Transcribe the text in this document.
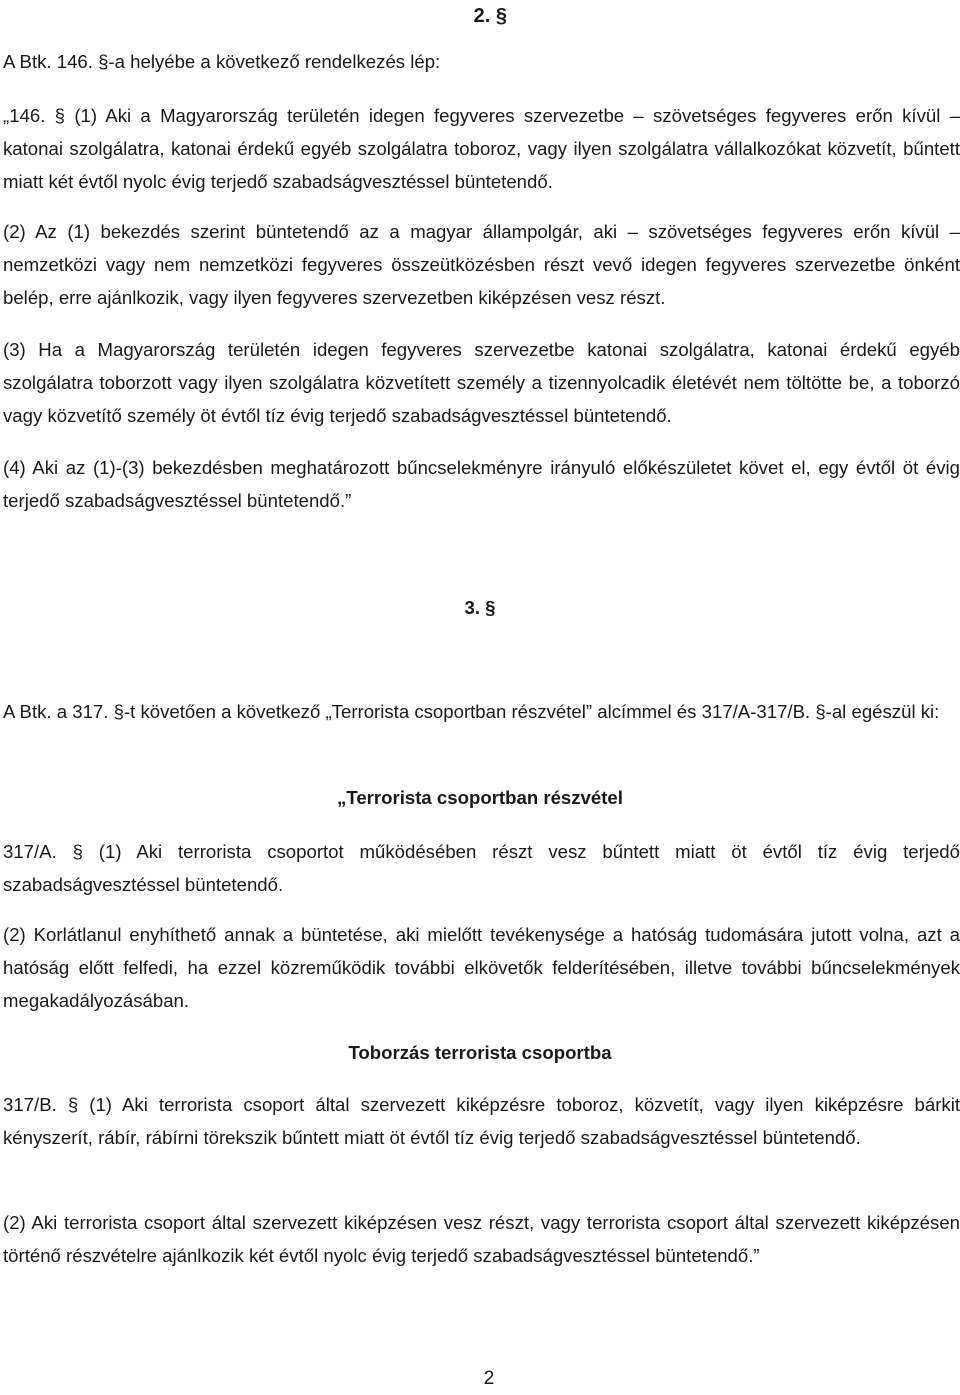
2. §

A Btk. 146. §-a helyébe a következő rendelkezés lép:

„146. § (1) Aki a Magyarország területén idegen fegyveres szervezetbe – szövetséges fegyveres erőn kívül – katonai szolgálatra, katonai érdekű egyéb szolgálatra toboroz, vagy ilyen szolgálatra vállalkozókat közvetít, bűntett miatt két évtől nyolc évig terjedő szabadságvesztéssel büntetendő.

(2) Az (1) bekezdés szerint büntetendő az a magyar állampolgár, aki – szövetséges fegyveres erőn kívül – nemzetközi vagy nem nemzetközi fegyveres összeütközésben részt vevő idegen fegyveres szervezetbe önként belép, erre ajánlkozik, vagy ilyen fegyveres szervezetben kiképzésen vesz részt.

(3) Ha a Magyarország területén idegen fegyveres szervezetbe katonai szolgálatra, katonai érdekű egyéb szolgálatra toborzott vagy ilyen szolgálatra közvetített személy a tizennyolcadik életévét nem töltötte be, a toborzó vagy közvetítő személy öt évtől tíz évig terjedő szabadságvesztéssel büntetendő.

(4) Aki az (1)-(3) bekezdésben meghatározott bűncselekményre irányuló előkészületet követ el, egy évtől öt évig terjedő szabadságvesztéssel büntetendő.”

3. §

A Btk. a 317. §-t követően a következő „Terrorista csoportban részvétel” alcímmel és 317/A-317/B. §-al egészül ki:

„Terrorista csoportban részvétel

317/A. § (1) Aki terrorista csoportot működésében részt vesz bűntett miatt öt évtől tíz évig terjedő szabadságvesztéssel büntetendő.

(2) Korlátlanul enyhíthető annak a büntetése, aki mielőtt tevékenysége a hatóság tudomására jutott volna, azt a hatóság előtt felfedi, ha ezzel közreműködik további elkövetők felderítésében, illetve további bűncselekmények megakadályozásában.

Toborzás terrorista csoportba

317/B. § (1) Aki terrorista csoport által szervezett kiképzésre toboroz, közvetít, vagy ilyen kiképzésre bárkit kényszerít, rábír, rábírni törekszik bűntett miatt öt évtől tíz évig terjedő szabadságvesztéssel büntetendő.

(2) Aki terrorista csoport által szervezett kiképzésen vesz részt, vagy terrorista csoport által szervezett kiképzésen történő részvételre ajánlkozik két évtől nyolc évig terjedő szabadságvesztéssel büntetendő.”

2
